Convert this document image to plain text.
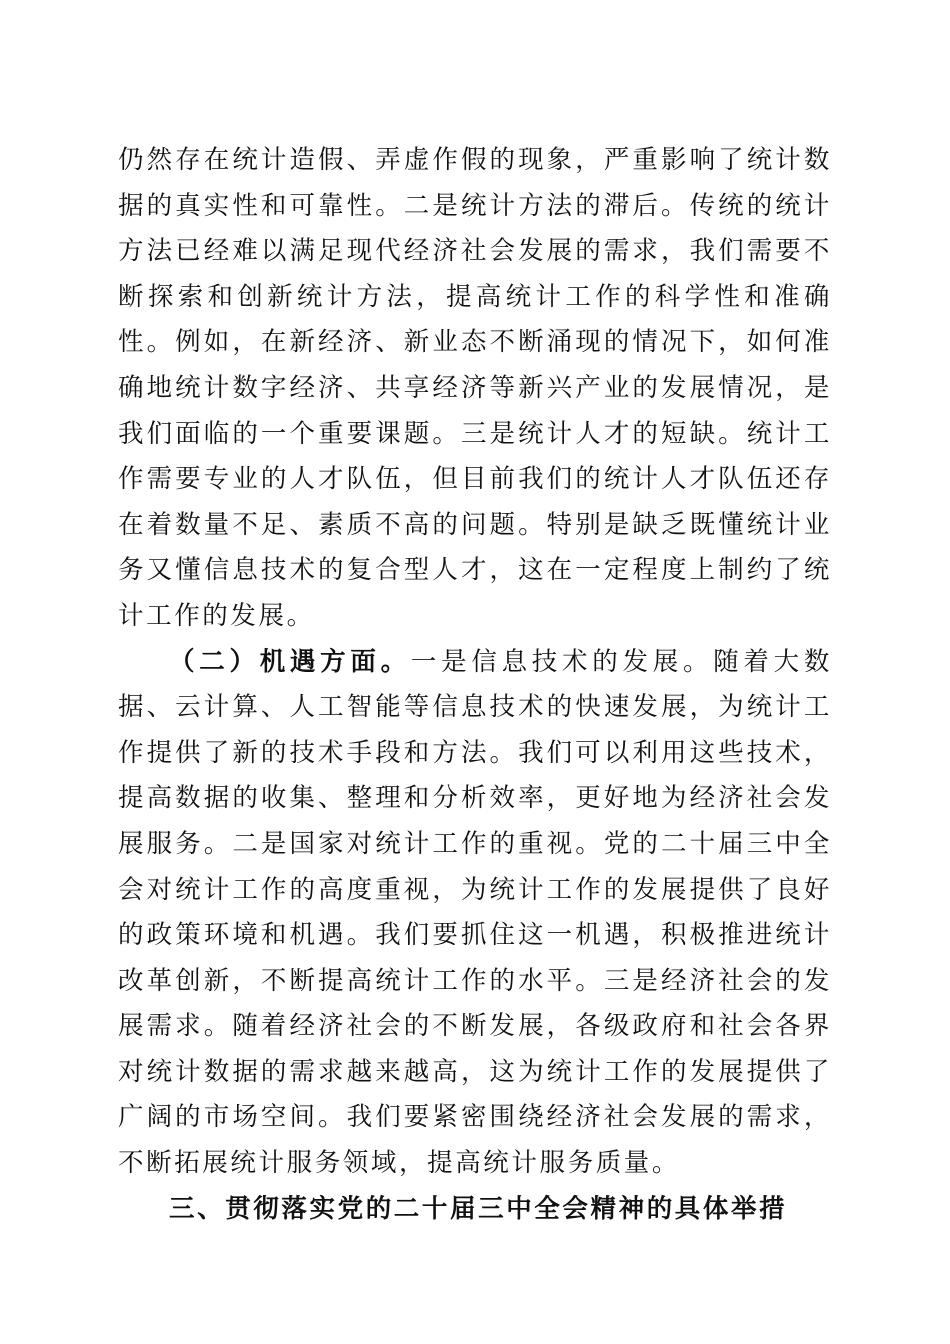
仍然存在统计造假、弄虚作假的现象，严重影响了统计数据的真实性和可靠性。二是统计方法的滞后。传统的统计方法已经难以满足现代经济社会发展的需求，我们需要不断探索和创新统计方法，提高统计工作的科学性和准确性。例如，在新经济、新业态不断涌现的情况下，如何准确地统计数字经济、共享经济等新兴产业的发展情况，是我们面临的一个重要课题。三是统计人才的短缺。统计工作需要专业的人才队伍，但目前我们的统计人才队伍还存在着数量不足、素质不高的问题。特别是缺乏既懂统计业务又懂信息技术的复合型人才，这在一定程度上制约了统计工作的发展。

（二）机遇方面。一是信息技术的发展。随着大数据、云计算、人工智能等信息技术的快速发展，为统计工作提供了新的技术手段和方法。我们可以利用这些技术，提高数据的收集、整理和分析效率，更好地为经济社会发展服务。二是国家对统计工作的重视。党的二十届三中全会对统计工作的高度重视，为统计工作的发展提供了良好的政策环境和机遇。我们要抓住这一机遇，积极推进统计改革创新，不断提高统计工作的水平。三是经济社会的发展需求。随着经济社会的不断发展，各级政府和社会各界对统计数据的需求越来越高，这为统计工作的发展提供了广阔的市场空间。我们要紧密围绕经济社会发展的需求，不断拓展统计服务领域，提高统计服务质量。

三、贯彻落实党的二十届三中全会精神的具体举措
